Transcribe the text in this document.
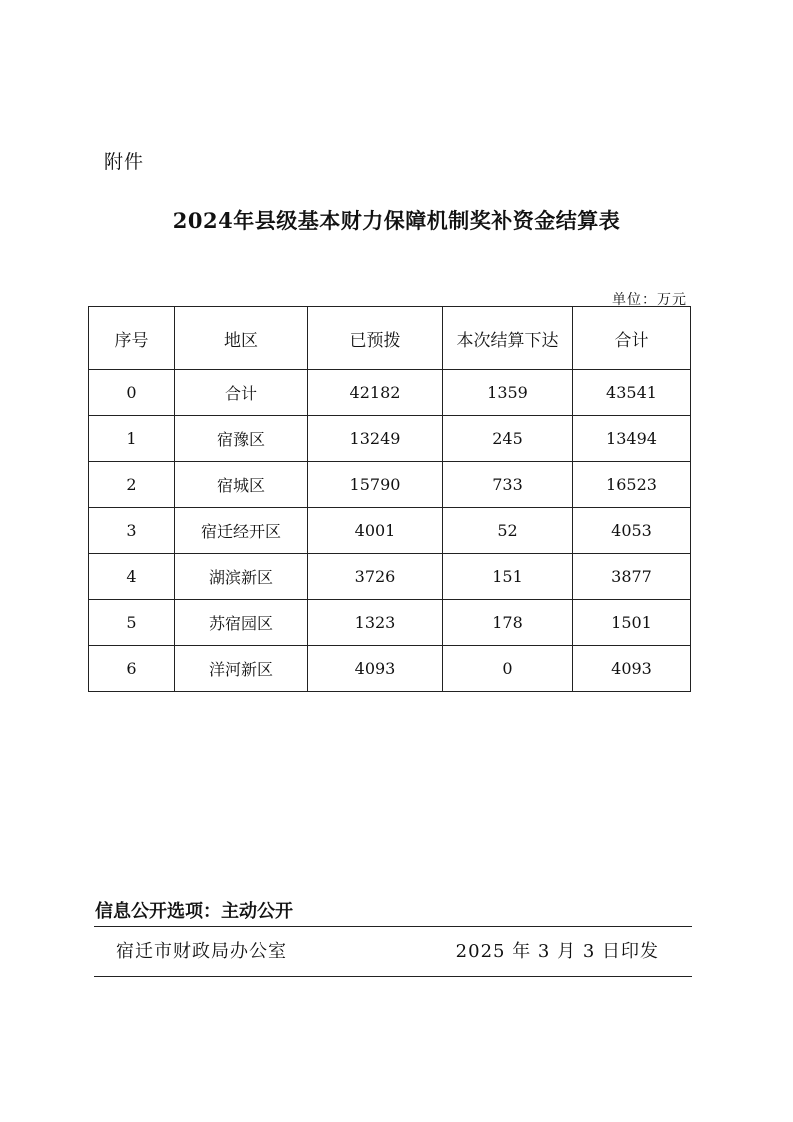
附件
2024年县级基本财力保障机制奖补资金结算表
单位：万元
序号	地区	已预拨	本次结算下达	合计
0	合计	42182	1359	43541
1	宿豫区	13249	245	13494
2	宿城区	15790	733	16523
3	宿迁经开区	4001	52	4053
4	湖滨新区	3726	151	3877
5	苏宿园区	1323	178	1501
6	洋河新区	4093	0	4093
信息公开选项：主动公开
宿迁市财政局办公室	2025 年 3 月 3 日印发
